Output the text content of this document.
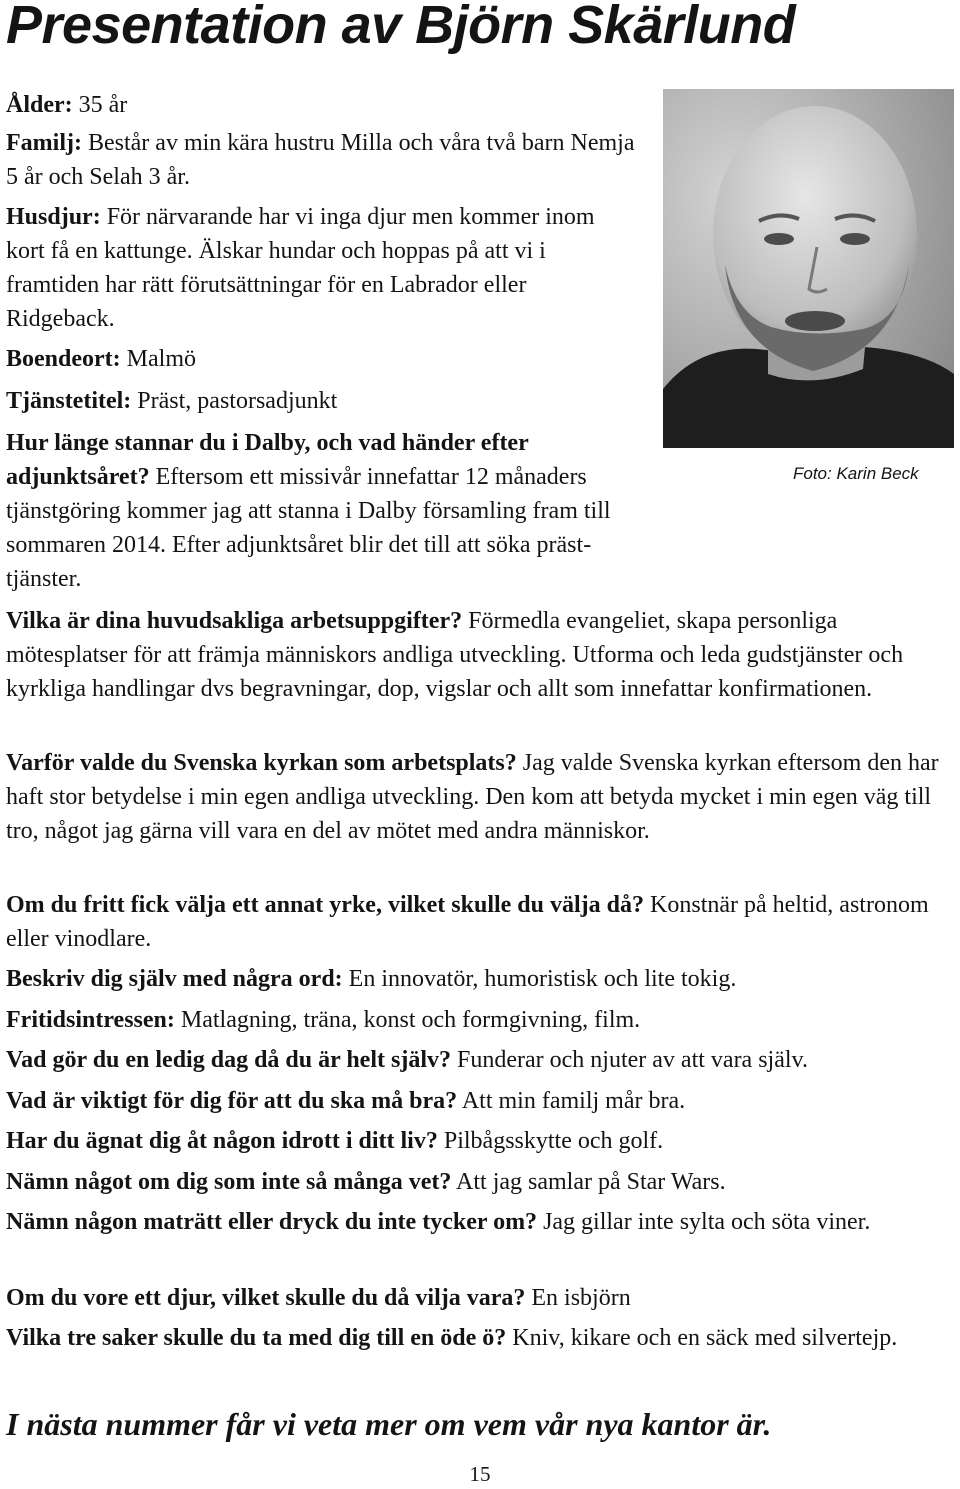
Presentation av Björn Skärlund

Ålder: 35 år

Familj: Består av min kära hustru Milla och våra två barn Nemja 5 år och Selah 3 år.

Husdjur: För närvarande har vi inga djur men kommer inom kort få en kattunge. Älskar hundar och hoppas på att vi i framtiden har rätt förutsättningar för en Labrador eller Ridgeback.

Boendeort: Malmö

Tjänstetitel: Präst, pastorsadjunkt

Hur länge stannar du i Dalby, och vad händer efter adjunktsåret? Eftersom ett missivår innefattar 12 månaders tjänstgöring kommer jag att stanna i Dalby församling fram till sommaren 2014. Efter adjunktsåret blir det till att söka prästtjänster.

Vilka är dina huvudsakliga arbetsuppgifter? Förmedla evangeliet, skapa personliga mötesplatser för att främja människors andliga utveckling. Utforma och leda gudstjänster och kyrkliga handlingar dvs begravningar, dop, vigslar och allt som innefattar konfirmationen.

Varför valde du Svenska kyrkan som arbetsplats? Jag valde Svenska kyrkan eftersom den har haft stor betydelse i min egen andliga utveckling. Den kom att betyda mycket i min egen väg till tro, något jag gärna vill vara en del av mötet med andra människor.

Om du fritt fick välja ett annat yrke, vilket skulle du välja då? Konstnär på heltid, astronom eller vinodlare.

Beskriv dig själv med några ord: En innovatör, humoristisk och lite tokig.

Fritidsintressen: Matlagning, träna, konst och formgivning, film.

Vad gör du en ledig dag då du är helt själv? Funderar och njuter av att vara själv.

Vad är viktigt för dig för att du ska må bra? Att min familj mår bra.

Har du ägnat dig åt någon idrott i ditt liv? Pilbågsskytte och golf.

Nämn något om dig som inte så många vet? Att jag samlar på Star Wars.

Nämn någon maträtt eller dryck du inte tycker om? Jag gillar inte sylta och söta viner.

Om du vore ett djur, vilket skulle du då vilja vara? En isbjörn

Vilka tre saker skulle du ta med dig till en öde ö? Kniv, kikare och en säck med silvertejp.

Foto: Karin Beck

I nästa nummer får vi veta mer om vem vår nya kantor är.

15
